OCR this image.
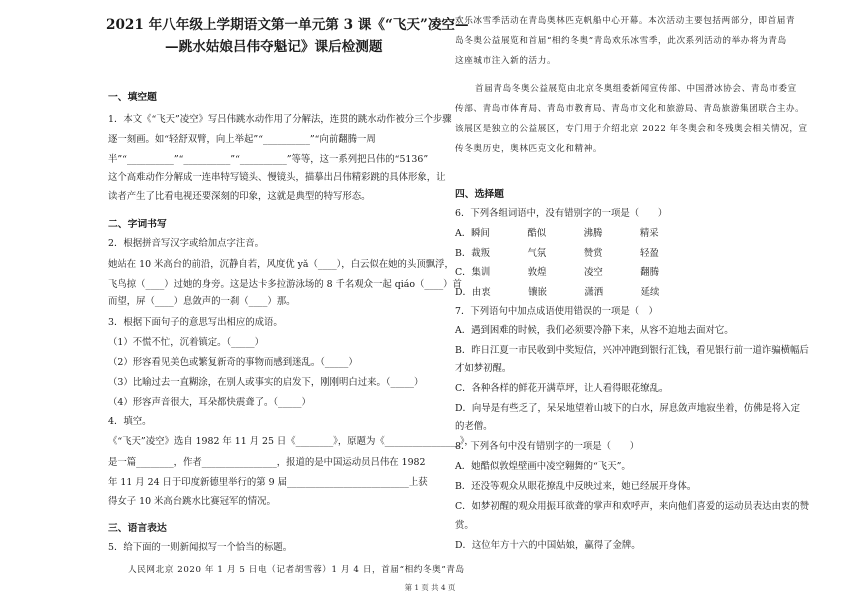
2021 年八年级上学期语文第一单元第 3 课《“飞天”凌空—
—跳水姑娘吕伟夺魁记》课后检测题
一、填空题
1．本文《“飞天”凌空》写吕伟跳水动作用了分解法，连贯的跳水动作被分三个步骤
逐一刻画。如“轻舒双臂，向上举起”“__________”“向前翻腾一周
半”“__________”“__________”“__________”等等，这一系列把吕伟的“5136”
这个高难动作分解成一连串特写镜头、慢镜头，描摹出吕伟精彩跳的具体形象，让
读者产生了比看电视还要深刻的印象，这就是典型的特写形态。
二、字词书写
2．根据拼音写汉字或给加点字注音。
她站在 10 米高台的前沿，沉静自若，风度优 yǎ（____），白云似在她的头顶飘浮，
飞鸟掠（____）过她的身旁。这是达卡多拉游泳场的 8 千名观众一起 qiáo（____）首
而望，屏（____）息敛声的一刹（____）那。
3．根据下面句子的意思写出相应的成语。
（1）不慌不忙，沉着镇定。（_____）
（2）形容看见美色或繁复新奇的事物而感到迷乱。（_____）
（3）比喻过去一直糊涂，在别人或事实的启发下，刚刚明白过来。（_____）
（4）形容声音很大，耳朵都快震聋了。（_____）
4．填空。
《“飞天”凌空》选自 1982 年 11 月 25 日《________》，原题为《________________》，
是一篇________，作者________________，报道的是中国运动员吕伟在 1982
年 11 月 24 日于印度新德里举行的第 9 届__________________________上获
得女子 10 米高台跳水比赛冠军的情况。
三、语言表达
5．给下面的一则新闻拟写一个恰当的标题。
人民网北京 2020 年 1 月 5 日电（记者胡雪蓉）1 月 4 日，首届“相约冬奥”青岛
欢乐冰雪季活动在青岛奥林匹克帆船中心开幕。本次活动主要包括两部分，即首届青
岛冬奥公益展览和首届“相约冬奥”青岛欢乐冰雪季，此次系列活动的举办将为青岛
这座城市注入新的活力。
首届青岛冬奥公益展览由北京冬奥组委新闻宣传部、中国滑冰协会、青岛市委宣
传部、青岛市体育局、青岛市教育局、青岛市文化和旅游局、青岛旅游集团联合主办。
该展区是独立的公益展区，专门用于介绍北京 2022 年冬奥会和冬残奥会相关情况，宣
传冬奥历史，奥林匹克文化和精神。
四、选择题
6．下列各组词语中，没有错别字的一项是（　　）
A．瞬间　　　　酷似　　　　沸腾　　　　精采
B．裁叛　　　　气氛　　　　赞赏　　　　轻盈
C．集训　　　　敦煌　　　　凌空　　　　翻腾
D．由衷　　　　镶嵌　　　　潇洒　　　　延续
7．下列语句中加点成语使用错误的一项是（　）
A．遇到困难的时候，我们必须要冷静下来，从容不迫地去面对它。
B．昨日江夏一市民收到中奖短信，兴冲冲跑到银行汇钱，看见银行前一道诈骗横幅后
才如梦初醒。
C．各种各样的鲜花开满草坪，让人看得眼花缭乱。
D．向导是有些乏了，呆呆地望着山坡下的白水，屏息敛声地寂坐着，仿佛是将入定
的老僧。
8．下列各句中没有错别字的一项是（　　）
A．她酷似敦煌壁画中凌空翱舞的“飞天”。
B．还没等观众从眼花撩乱中反映过来，她已经展开身体。
C．如梦初醒的观众用振耳欲聋的掌声和欢呼声，来向他们喜爱的运动员表达由衷的赞
赏。
D．这位年方十六的中国姑娘，赢得了金牌。
第 1 页 共 4 页
